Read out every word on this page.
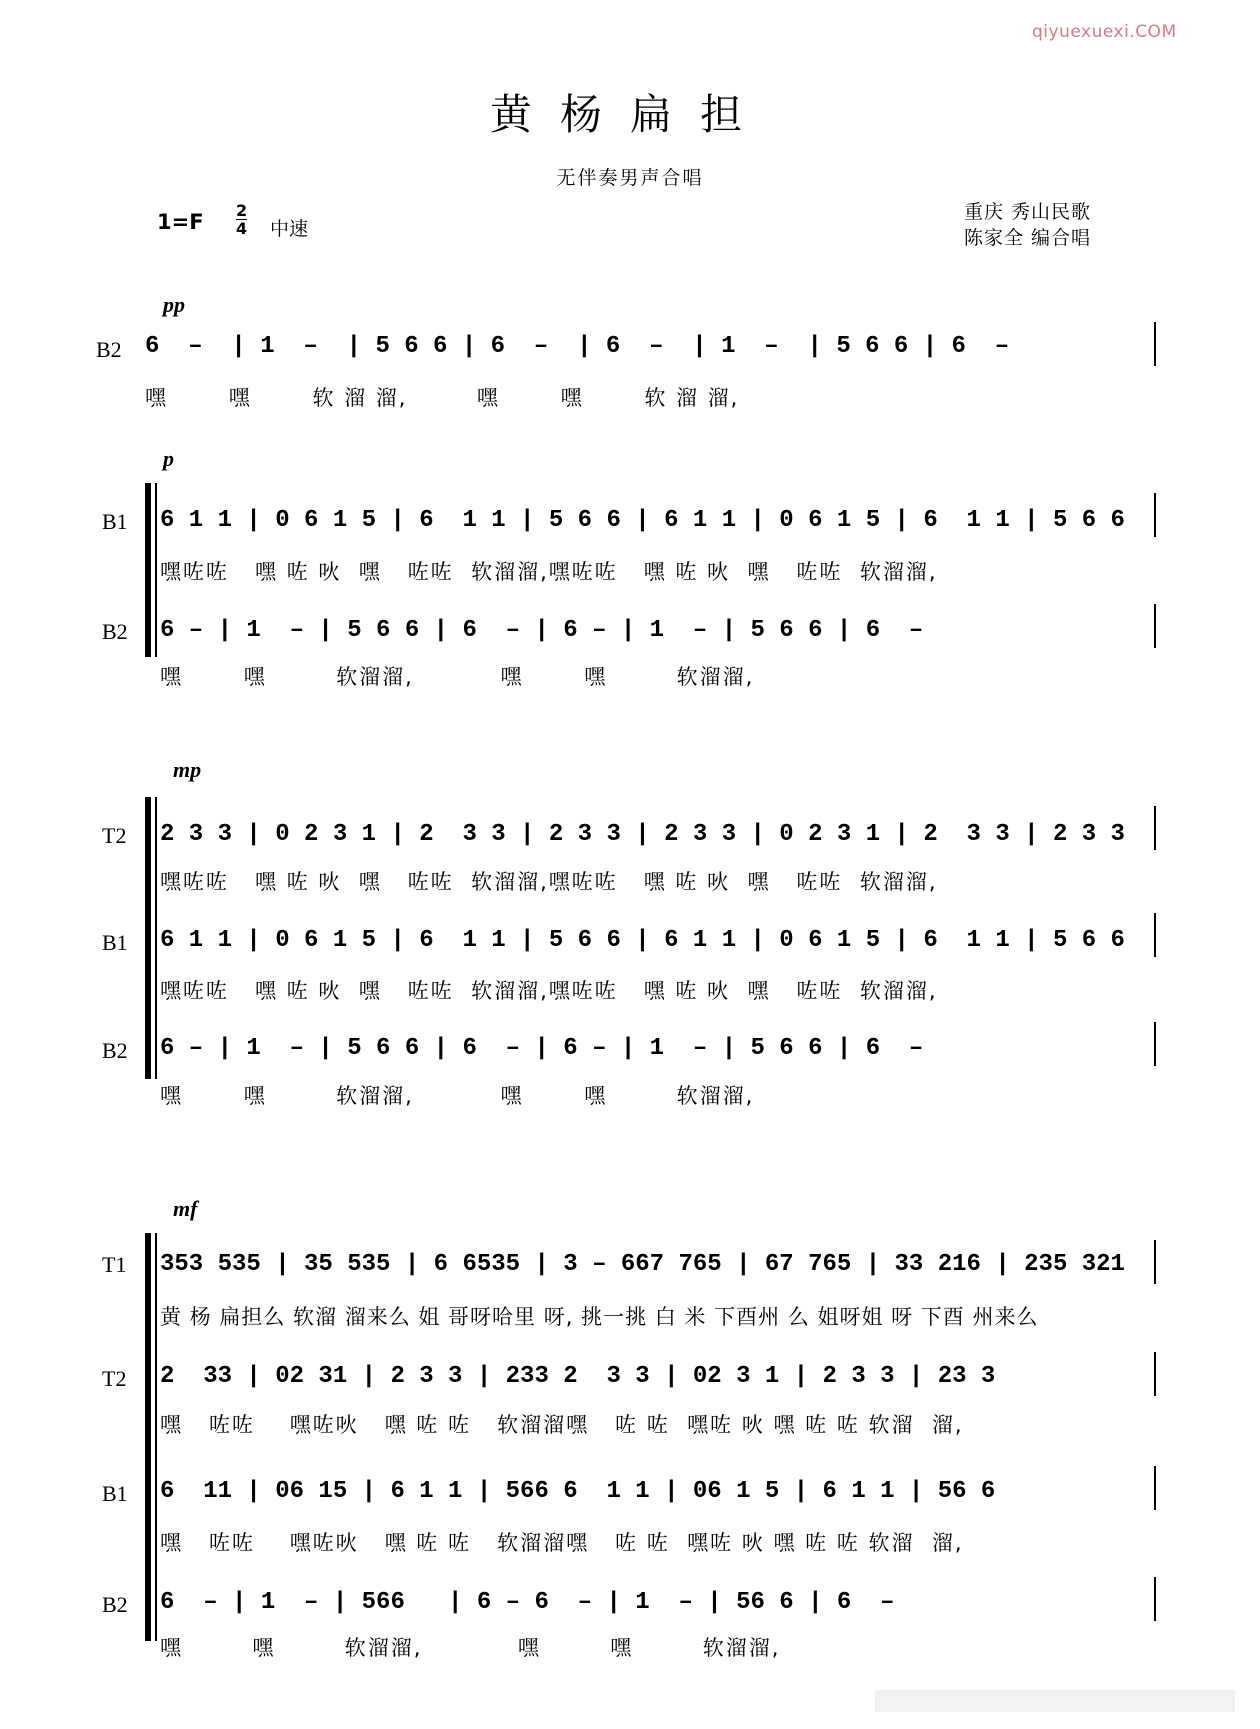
qiyuexuexi.COM
黄杨扁担
无伴奏男声合唱
1=F 2
4 中速
重庆 秀山民歌
陈家全 编合唱
pp
B2 6  –  | 1  –  | 5 6 6 | 6  –  | 6  –  | 1  –  | 5 6 6 | 6  –
嘿       嘿       软 溜 溜,        嘿       嘿       软 溜 溜,
p
B1 6 1 1 | 0 6 1 5 | 6  1 1 | 5 6 6 | 6 1 1 | 0 6 1 5 | 6  1 1 | 5 6 6
嘿咗咗   嘿 咗 吙  嘿   咗咗  软溜溜,嘿咗咗   嘿 咗 吙  嘿   咗咗  软溜溜,
B2 6 – | 1  – | 5 6 6 | 6  – | 6 – | 1  – | 5 6 6 | 6  –
嘿       嘿        软溜溜,          嘿       嘿        软溜溜,
mp
T2 2 3 3 | 0 2 3 1 | 2  3 3 | 2 3 3 | 2 3 3 | 0 2 3 1 | 2  3 3 | 2 3 3
嘿咗咗   嘿 咗 吙  嘿   咗咗  软溜溜,嘿咗咗   嘿 咗 吙  嘿   咗咗  软溜溜,
B1 6 1 1 | 0 6 1 5 | 6  1 1 | 5 6 6 | 6 1 1 | 0 6 1 5 | 6  1 1 | 5 6 6
嘿咗咗   嘿 咗 吙  嘿   咗咗  软溜溜,嘿咗咗   嘿 咗 吙  嘿   咗咗  软溜溜,
B2 6 – | 1  – | 5 6 6 | 6  – | 6 – | 1  – | 5 6 6 | 6  –
嘿       嘿        软溜溜,          嘿       嘿        软溜溜,
mf
T1 353 535 | 35 535 | 6 6535 | 3 – 667 765 | 67 765 | 33 216 | 235 321
黄 杨 扁担么 软溜 溜来么 姐 哥呀哈里 呀, 挑一挑 白 米 下酉州 么 姐呀姐 呀 下酉 州来么
T2 2  33 | 02 31 | 2 3 3 | 233 2  3 3 | 02 3 1 | 2 3 3 | 23 3
嘿   咗咗    嘿咗吙   嘿 咗 咗   软溜溜嘿   咗 咗  嘿咗 吙 嘿 咗 咗 软溜  溜,
B1 6  11 | 06 15 | 6 1 1 | 566 6  1 1 | 06 1 5 | 6 1 1 | 56 6
嘿   咗咗    嘿咗吙   嘿 咗 咗   软溜溜嘿   咗 咗  嘿咗 吙 嘿 咗 咗 软溜  溜,
B2 6  – | 1  – | 566   | 6 – 6  – | 1  – | 56 6 | 6  –
嘿        嘿        软溜溜,           嘿        嘿        软溜溜,
